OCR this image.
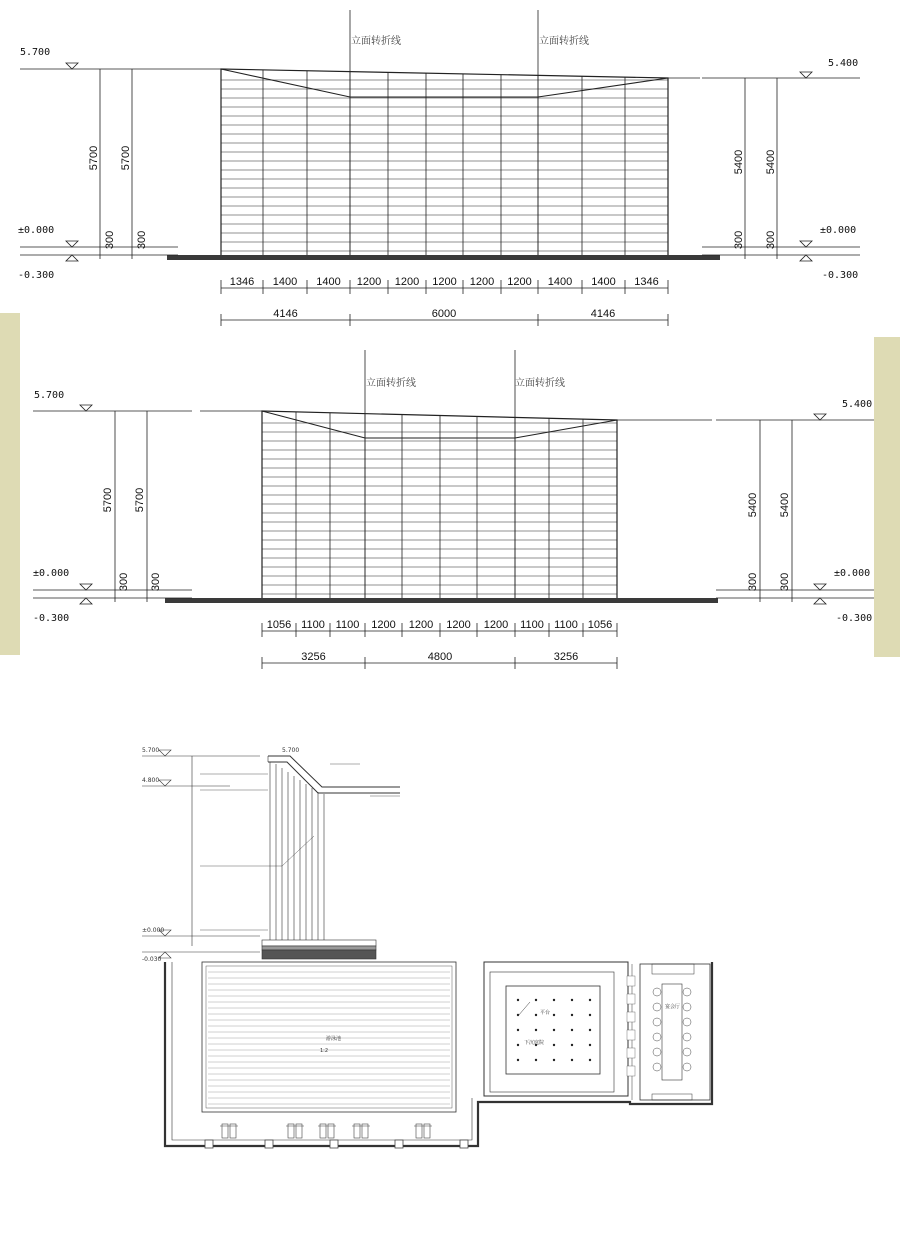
5.700
5.400
±0.000	±0.000
-0.300	-0.300
5700 5700	5400 5400
300 300	300 300
立面转折线	立面转折线
1346 1400 1400 1200 1200 1200 1200 1200 1400 1400 1346
4146	6000	4146
5.700
5.400
±0.000	±0.000
-0.300	-0.300
5700 5700	5400 5400
300 300	300 300
立面转折线	立面转折线
1056 1100 1100 1200 1200 1200 1200 1100 1100 1056
3256	4800	3256
5.700	5.700
4.800
±0.000
-0.030
游泳池
1:2
平台
下沉庭院
宴会厅
